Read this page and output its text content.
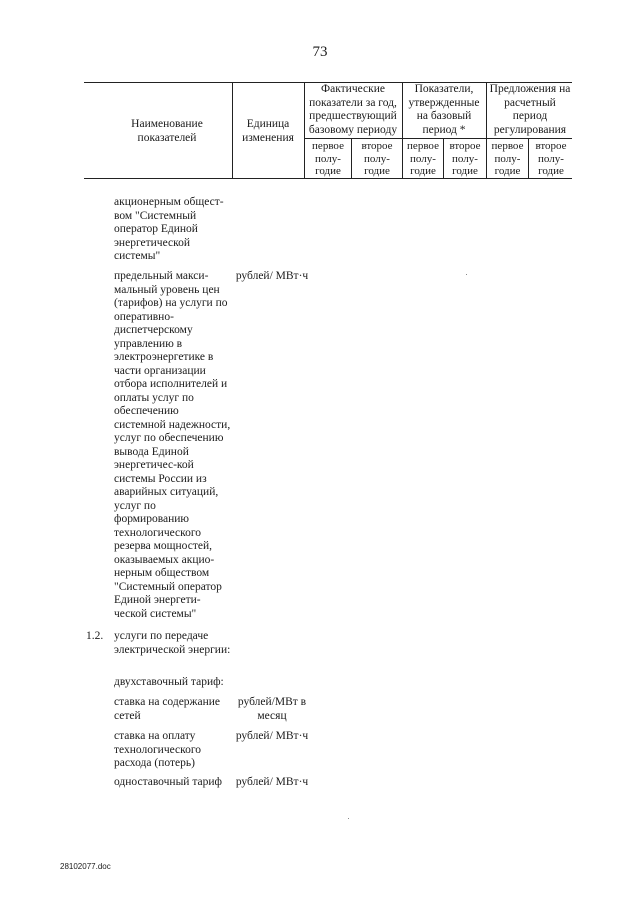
73
Наименование показателей
Единица изменения
Фактические показатели за год, предшествующий базовому периоду
Показатели, утвержденные на базовый период *
Предложения на расчетный период регулирования
первое полу-годие
второе полу-годие
первое полу-годие
второе полу-годие
первое полу-годие
второе полу-годие
акционерным общест-вом "Системный оператор Единой энергетической системы"
предельный макси-мальный уровень цен (тарифов) на услуги по оперативно-диспетчерскому управлению в электроэнергетике в части организации отбора исполнителей и оплаты услуг по обеспечению системной надежности, услуг по обеспечению вывода Единой энергетичес-кой системы России из аварийных ситуаций, услуг по формированию технологического резерва мощностей, оказываемых акцио-нерным обществом "Системный оператор Единой энергети-ческой системы"
рублей/ МВт·ч
1.2. услуги по передаче электрической энергии:
двухставочный тариф:
ставка на содержание сетей
рублей/МВт в месяц
ставка на оплату технологического расхода (потерь)
рублей/ МВт·ч
одноставочный тариф	рублей/ МВт·ч
28102077.doc
